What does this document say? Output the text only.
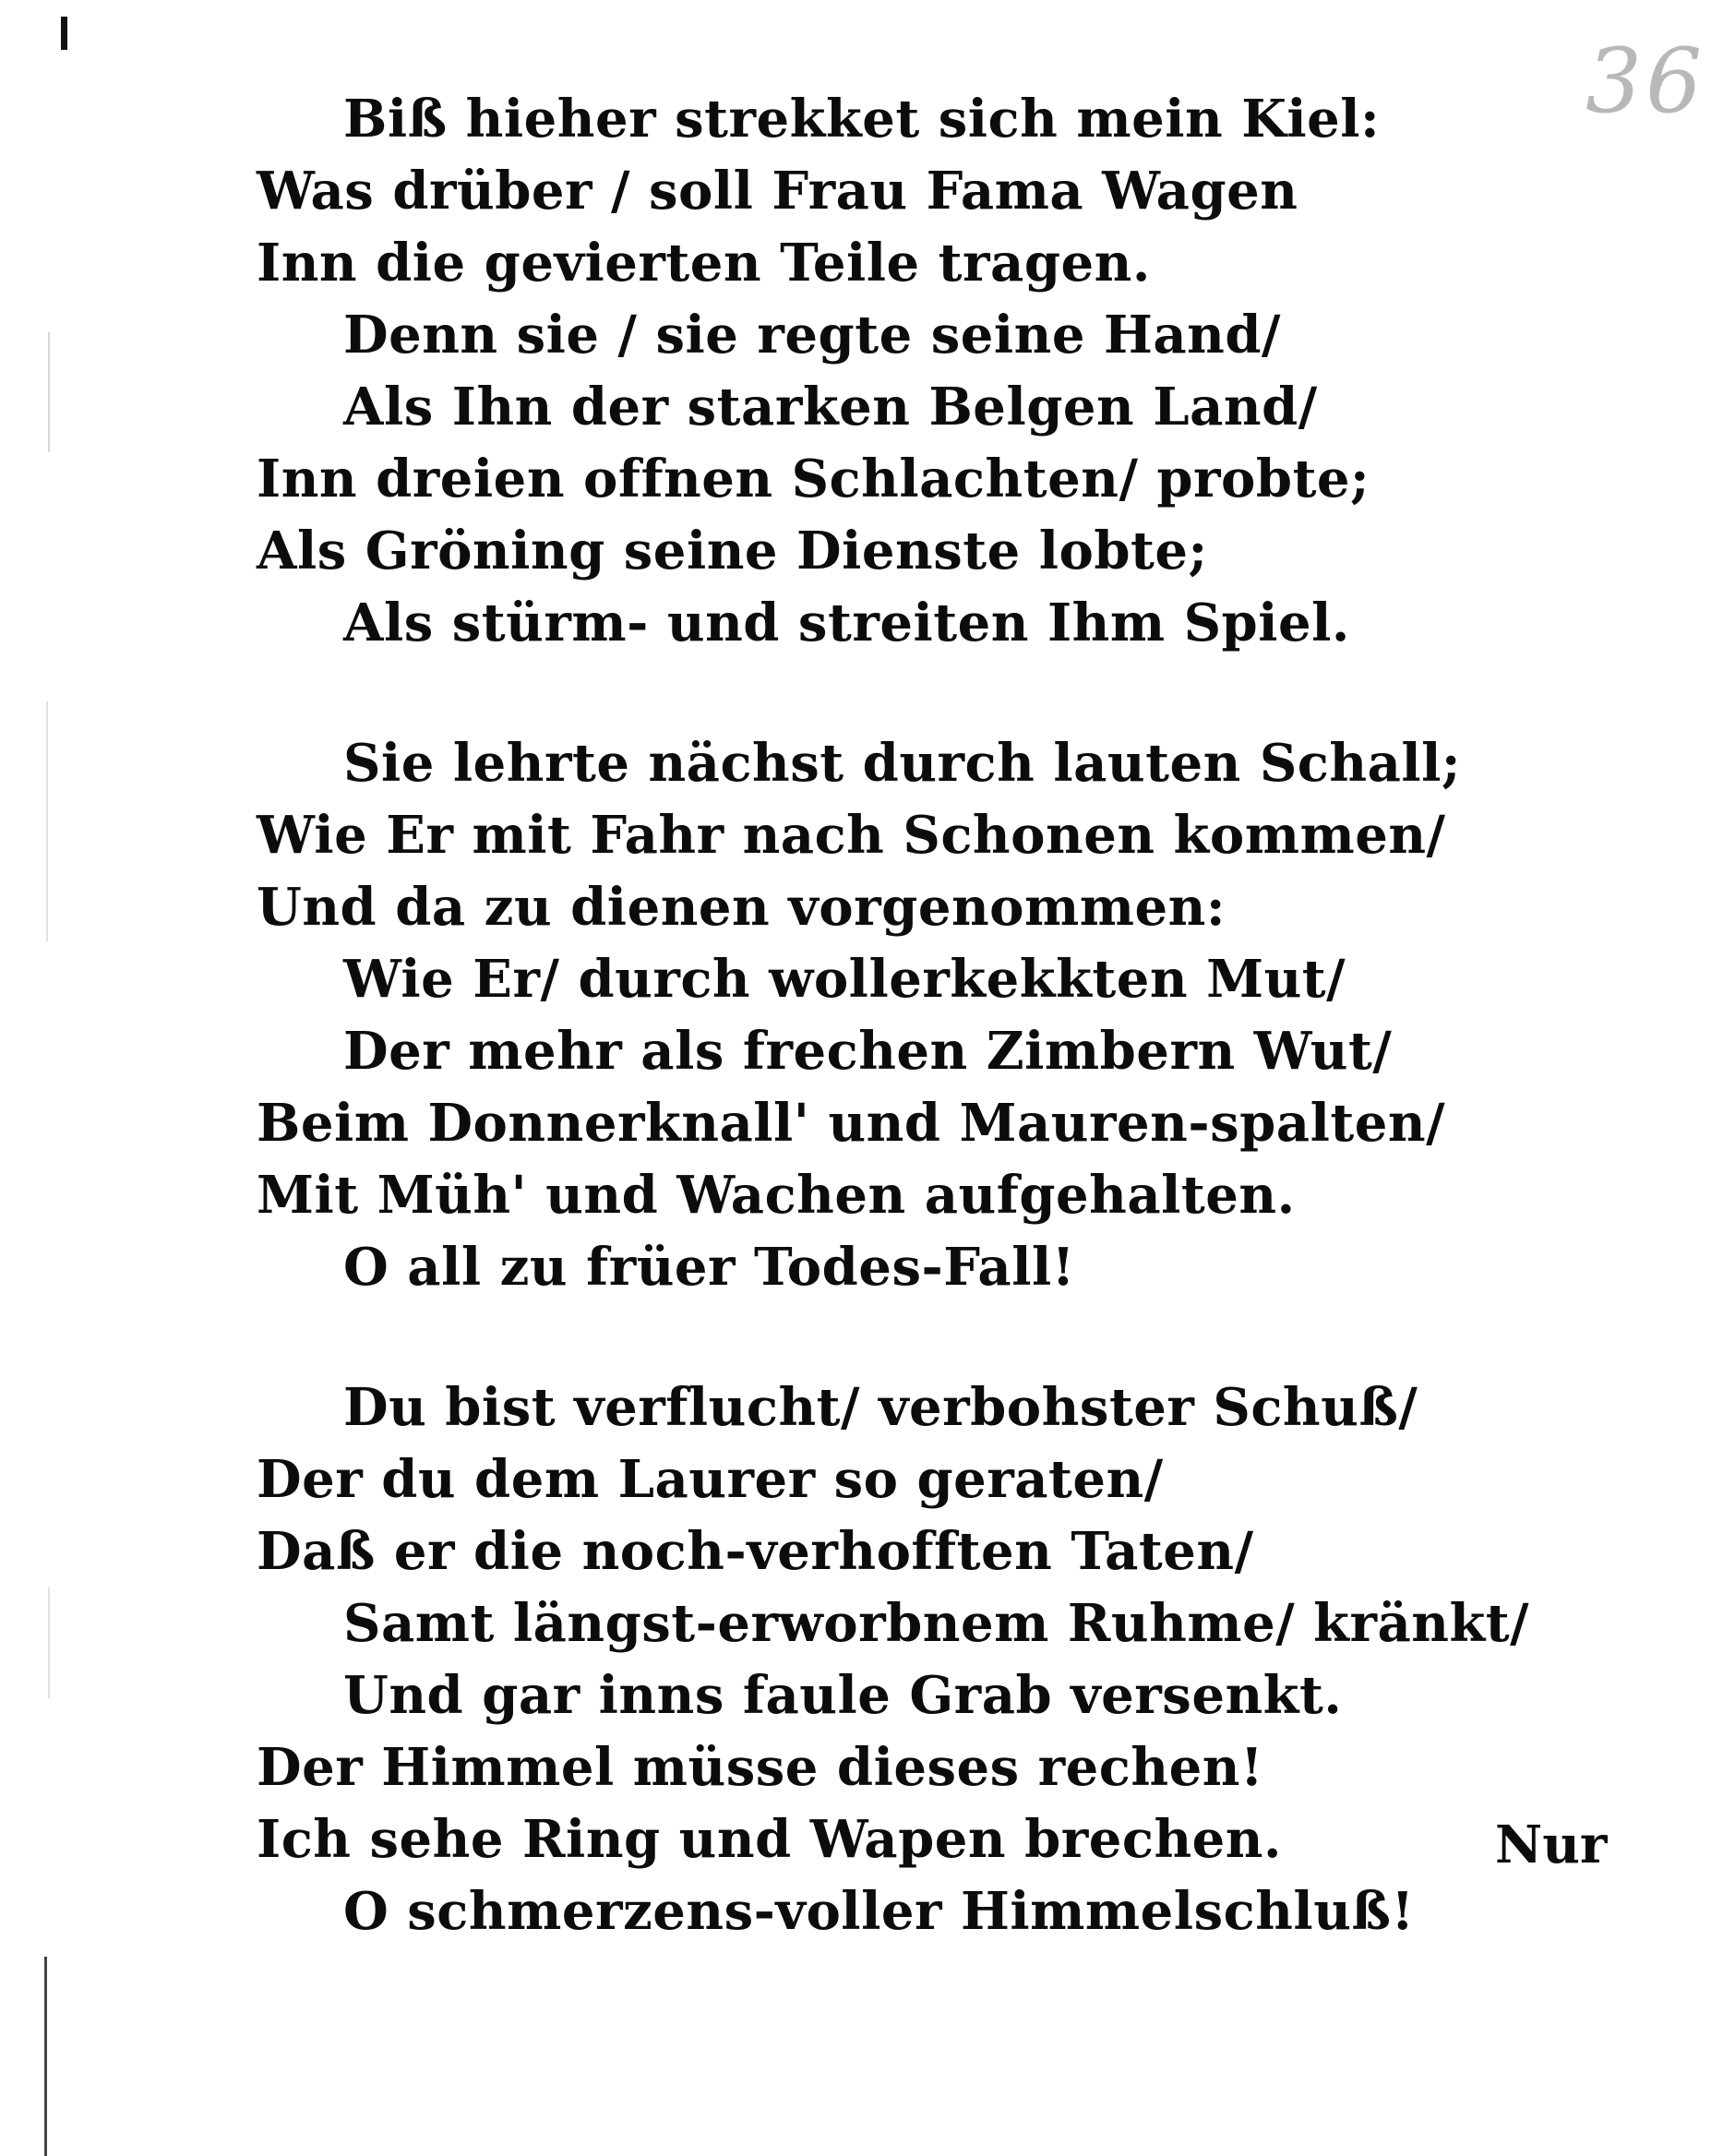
36
Biß hieher strekket sich mein Kiel:
Was drüber / soll Frau Fama Wagen
Inn die gevierten Teile tragen.
Denn sie / sie regte seine Hand/
Als Ihn der starken Belgen Land/
Inn dreien offnen Schlachten/ probte;
Als Gröning seine Dienste lobte;
Als stürm- und streiten Ihm Spiel.
Sie lehrte nächst durch lauten Schall;
Wie Er mit Fahr nach Schonen kommen/
Und da zu dienen vorgenommen:
Wie Er/ durch wollerkekkten Mut/
Der mehr als frechen Zimbern Wut/
Beim Donnerknall' und Mauren-spalten/
Mit Müh' und Wachen aufgehalten.
O all zu früer Todes-Fall!
Du bist verflucht/ verbohster Schuß/
Der du dem Laurer so geraten/
Daß er die noch-verhofften Taten/
Samt längst-erworbnem Ruhme/ kränkt/
Und gar inns faule Grab versenkt.
Der Himmel müsse dieses rechen!
Ich sehe Ring und Wapen brechen.
O schmerzens-voller Himmelschluß!
Nur
